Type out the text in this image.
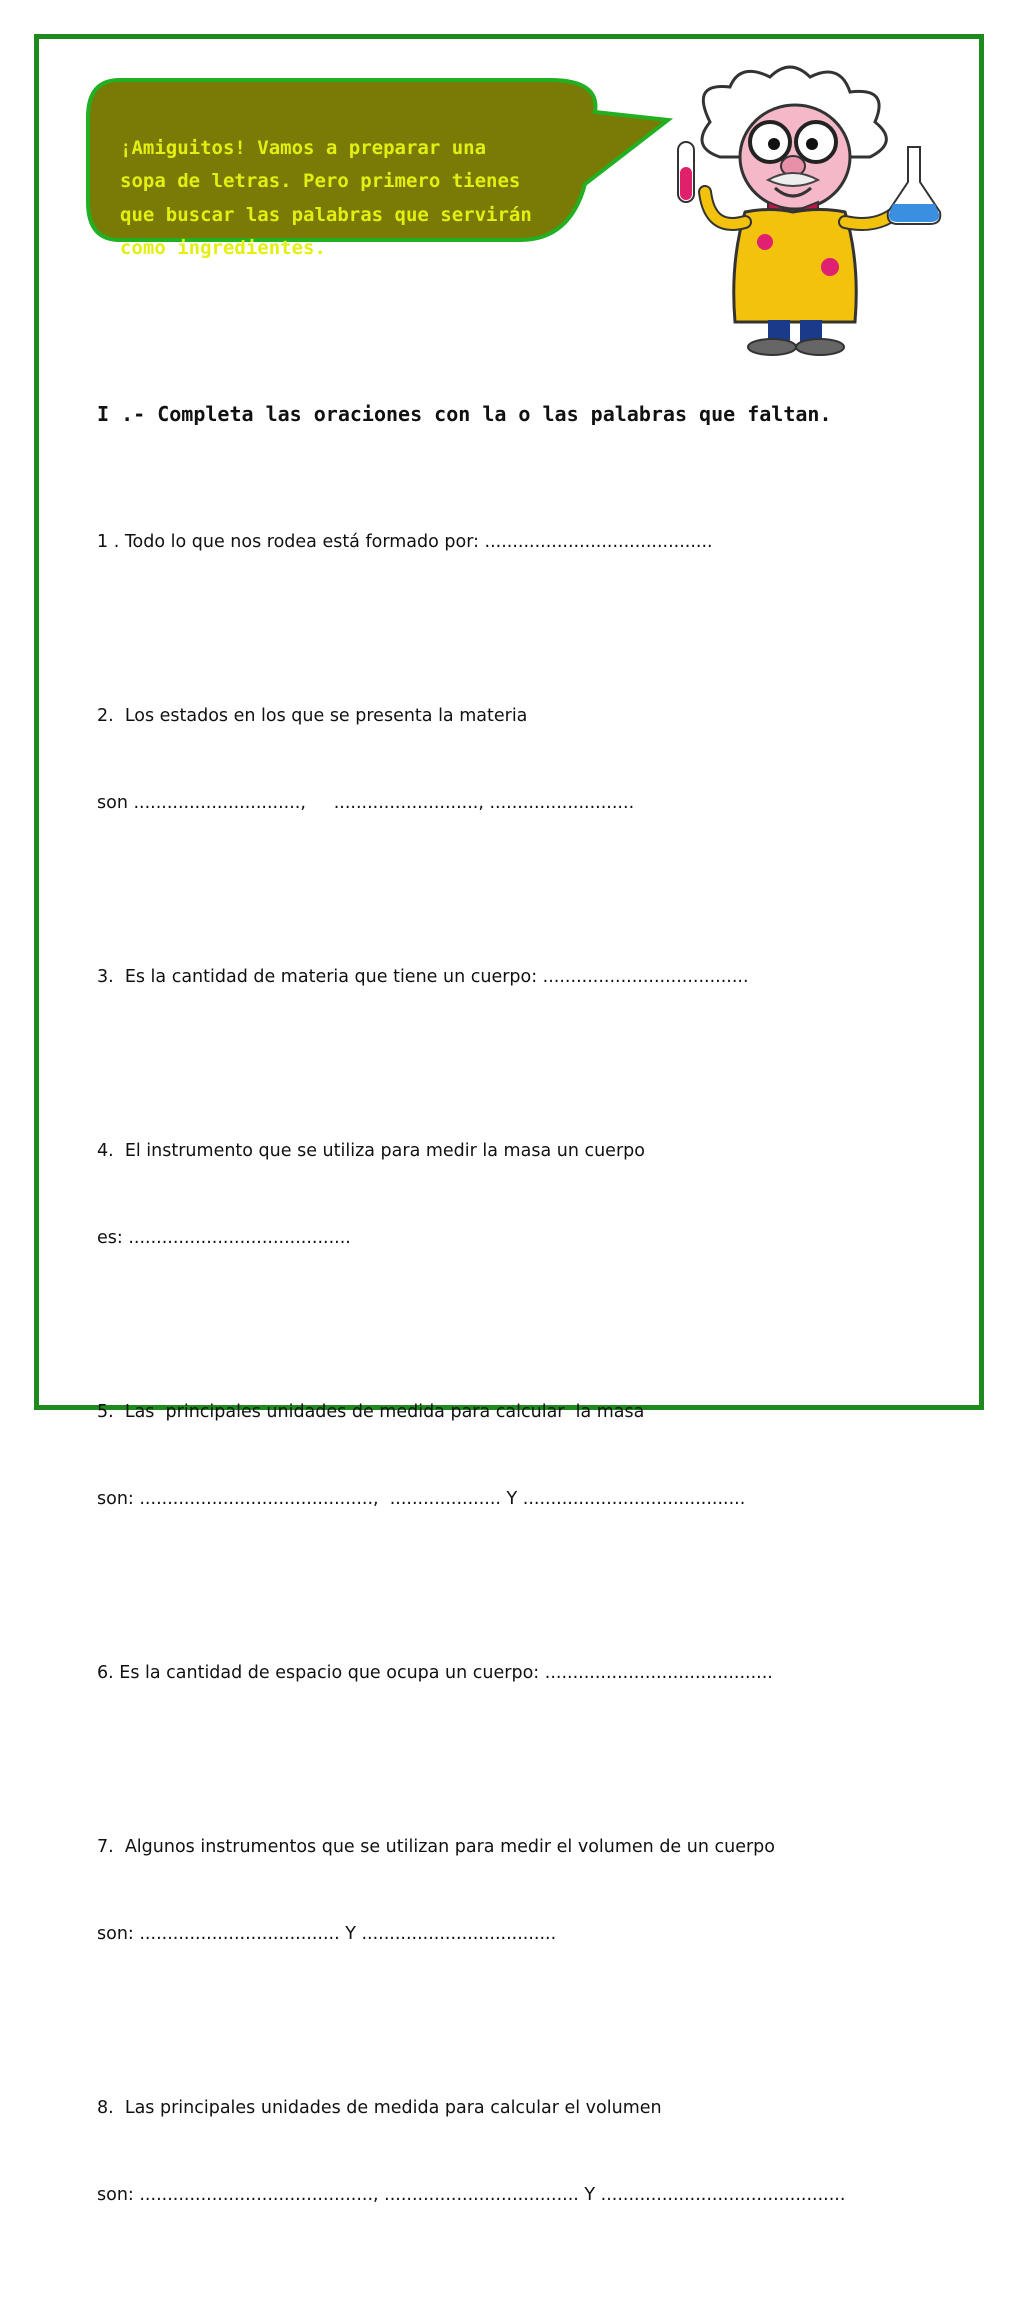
¡Amiguitos! Vamos a preparar una
sopa de letras. Pero primero tienes
que buscar las palabras que servirán
como ingredientes.

I .- Completa las oraciones con la o las palabras que faltan.

1 . Todo lo que nos rodea está formado por: .........................................

2.  Los estados en los que se presenta la materia

son ..............................,     .........................., ..........................

3.  Es la cantidad de materia que tiene un cuerpo: .....................................

4.  El instrumento que se utiliza para medir la masa un cuerpo

es: ........................................

5.  Las  principales unidades de medida para calcular  la masa

son: ..........................................,  .................... Y ........................................

6. Es la cantidad de espacio que ocupa un cuerpo: .........................................

7.  Algunos instrumentos que se utilizan para medir el volumen de un cuerpo

son: .................................... Y ...................................

8.  Las principales unidades de medida para calcular el volumen

son: .........................................., ................................... Y ............................................
